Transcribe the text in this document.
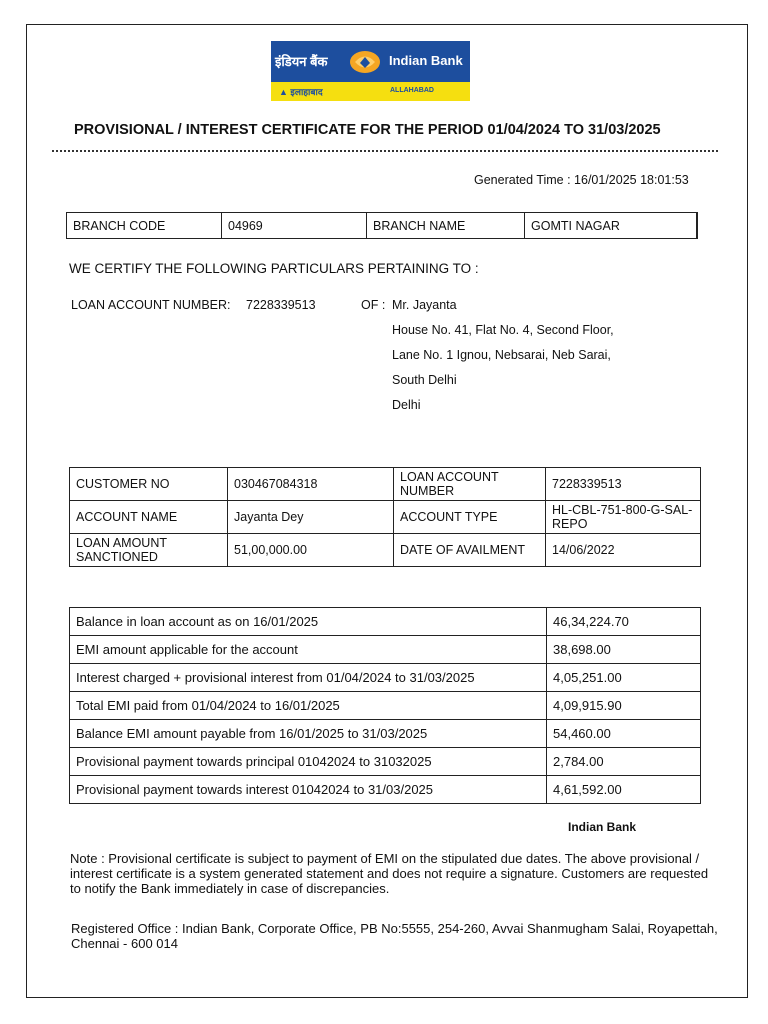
इंडियन बैंक	Indian Bank
▲ इलाहाबाद	ALLAHABAD
PROVISIONAL / INTEREST CERTIFICATE FOR THE PERIOD 01/04/2024 TO 31/03/2025
Generated Time : 16/01/2025 18:01:53
BRANCH CODE	04969	BRANCH NAME	GOMTI NAGAR
WE CERTIFY THE FOLLOWING PARTICULARS PERTAINING TO :
LOAN ACCOUNT NUMBER: 7228339513	OF : Mr. Jayanta
House No. 41, Flat No. 4, Second Floor,
Lane No. 1 Ignou, Nebsarai, Neb Sarai,
South Delhi
Delhi
CUSTOMER NO	030467084318	LOAN ACCOUNT NUMBER	7228339513
ACCOUNT NAME	Jayanta Dey	ACCOUNT TYPE	HL-CBL-751-800-G-SAL-REPO
LOAN AMOUNT SANCTIONED	51,00,000.00	DATE OF AVAILMENT	14/06/2022
Balance in loan account as on 16/01/2025	46,34,224.70
EMI amount applicable for the account	38,698.00
Interest charged + provisional interest from 01/04/2024 to 31/03/2025	4,05,251.00
Total EMI paid from 01/04/2024 to 16/01/2025	4,09,915.90
Balance EMI amount payable from 16/01/2025 to 31/03/2025	54,460.00
Provisional payment towards principal 01042024 to 31032025	2,784.00
Provisional payment towards interest 01042024 to 31/03/2025	4,61,592.00
Indian Bank
Note : Provisional certificate is subject to payment of EMI on the stipulated due dates. The above provisional / interest certificate is a system generated statement and does not require a signature. Customers are requested to notify the Bank immediately in case of discrepancies.
Registered Office : Indian Bank, Corporate Office, PB No:5555, 254-260, Avvai Shanmugham Salai, Royapettah, Chennai - 600 014
